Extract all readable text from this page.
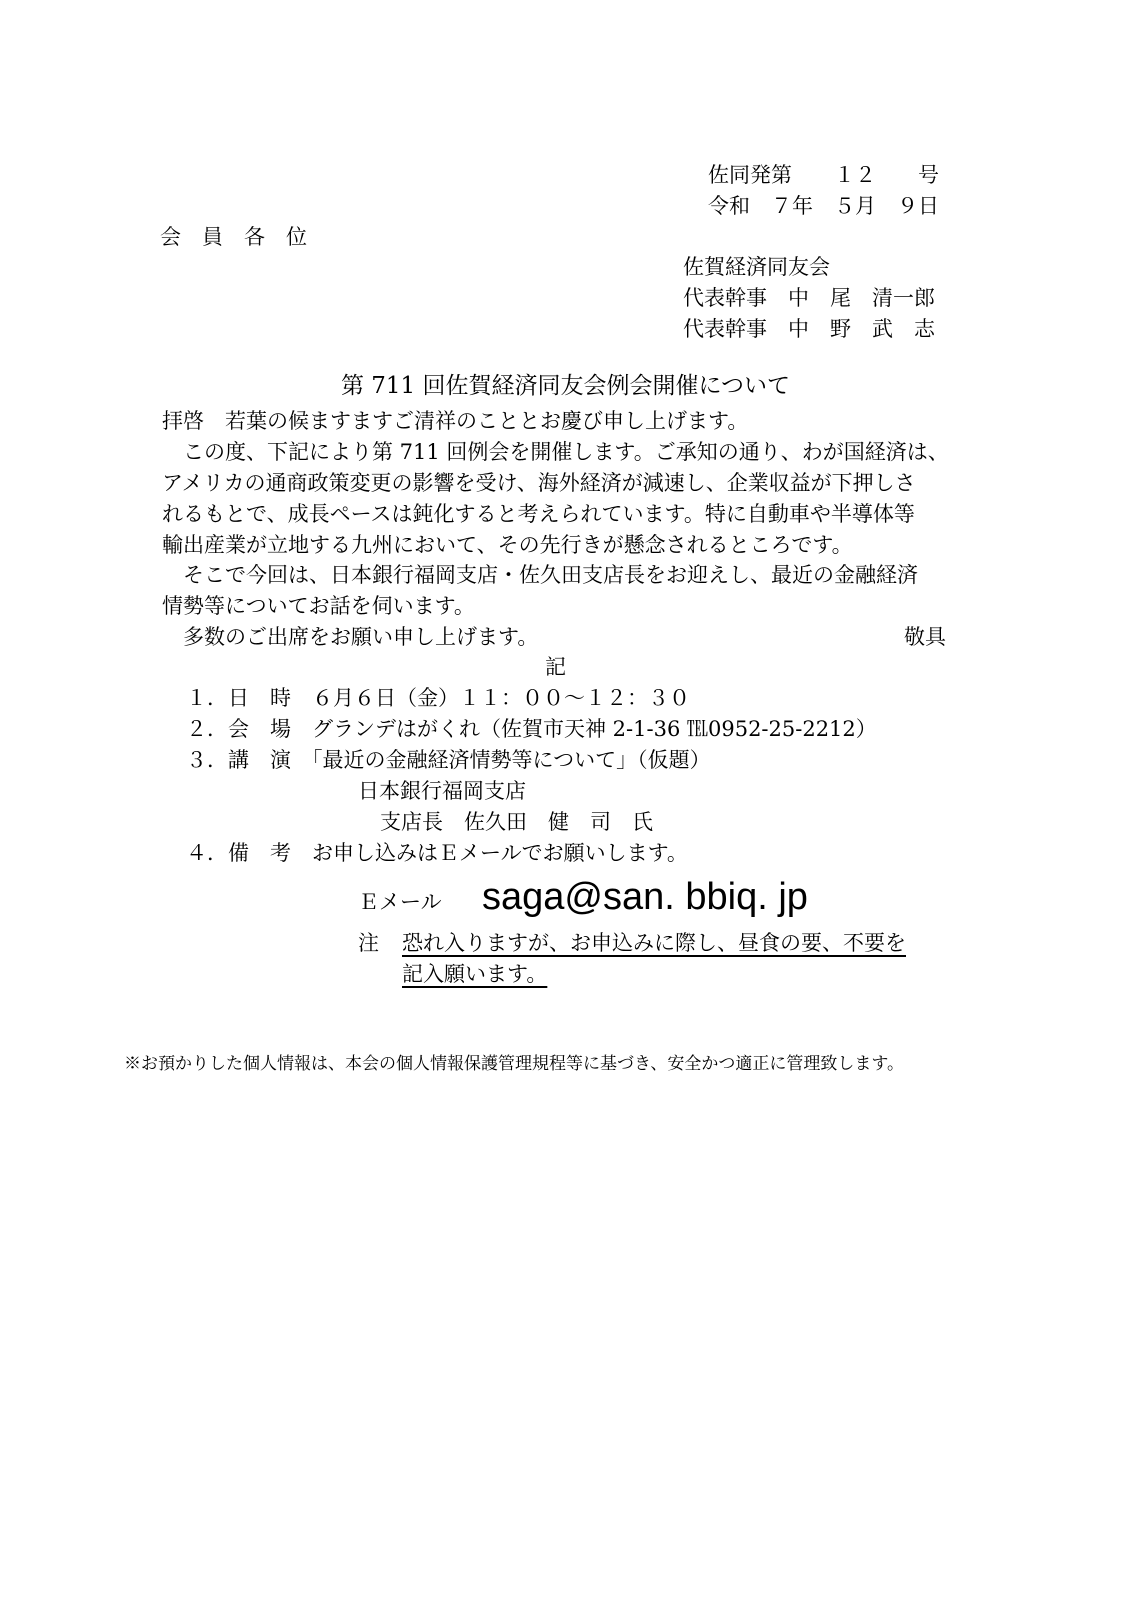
佐同発第　　１２　　号
令和　７年　５月　９日
会　員　各　位
佐賀経済同友会
代表幹事　中　尾　清一郎
代表幹事　中　野　武　志
第 711 回佐賀経済同友会例会開催について
拝啓　若葉の候ますますご清祥のこととお慶び申し上げます。
　この度、下記により第 711 回例会を開催します。ご承知の通り、わが国経済は、
アメリカの通商政策変更の影響を受け、海外経済が減速し、企業収益が下押しさ
れるもとで、成長ペースは鈍化すると考えられています。特に自動車や半導体等
輸出産業が立地する九州において、その先行きが懸念されるところです。
　そこで今回は、日本銀行福岡支店・佐久田支店長をお迎えし、最近の金融経済
情勢等についてお話を伺います。
　多数のご出席をお願い申し上げます。	敬具
記
１．日　時　６月６日（金）１１：００～１２：３０
２．会　場　グランデはがくれ（佐賀市天神 2-1-36 ℡0952-25-2212）
３．講　演　「最近の金融経済情勢等について」（仮題）
日本銀行福岡支店
支店長　佐久田　健　司　氏
４．備　考　お申し込みはＥメールでお願いします。
Ｅメール saga@san. bbiq. jp
注 恐れ入りますが、お申込みに際し、昼食の要、不要を
記入願います。
※お預かりした個人情報は、本会の個人情報保護管理規程等に基づき、安全かつ適正に管理致します。
